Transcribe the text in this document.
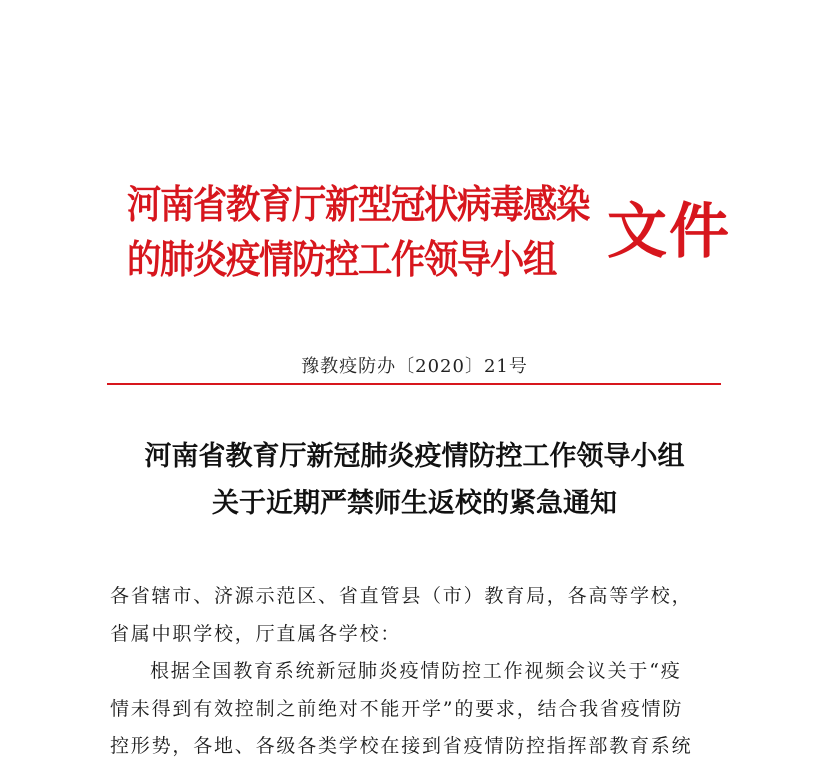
河南省教育厅新型冠状病毒感染
的肺炎疫情防控工作领导小组 文件
豫教疫防办〔2020〕21号
河南省教育厅新冠肺炎疫情防控工作领导小组
关于近期严禁师生返校的紧急通知
各省辖市、济源示范区、省直管县（市）教育局，各高等学校，
省属中职学校，厅直属各学校：
根据全国教育系统新冠肺炎疫情防控工作视频会议关于“疫
情未得到有效控制之前绝对不能开学”的要求，结合我省疫情防
控形势，各地、各级各类学校在接到省疫情防控指挥部教育系统
